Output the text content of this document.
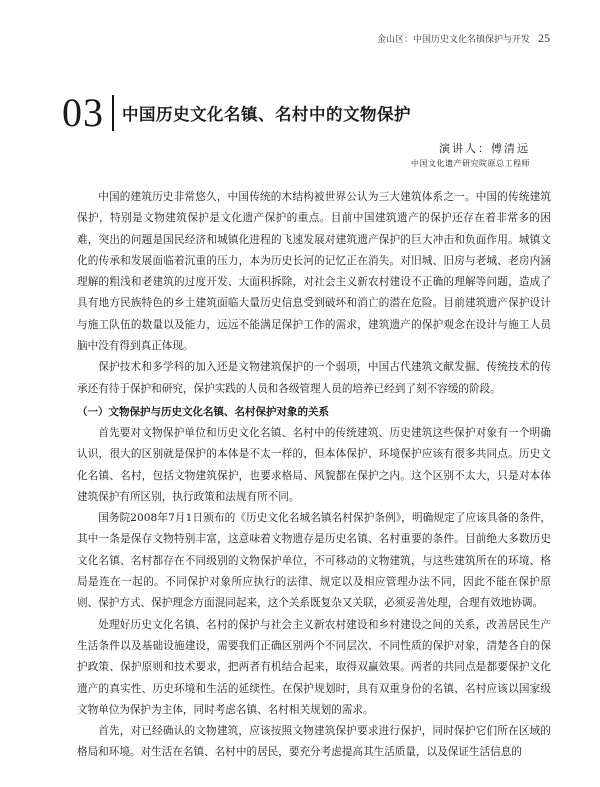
金山区：中国历史文化名镇保护与开发 25
03 中国历史文化名镇、名村中的文物保护
演讲人：傅清远
中国文化遗产研究院原总工程师

中国的建筑历史非常悠久，中国传统的木结构被世界公认为三大建筑体系之一。中国的传统建筑保护，特别是文物建筑保护是文化遗产保护的重点。目前中国建筑遗产的保护还存在着非常多的困难，突出的问题是国民经济和城镇化进程的飞速发展对建筑遗产保护的巨大冲击和负面作用。城镇文化的传承和发展面临着沉重的压力，本为历史长河的记忆正在消失。对旧城、旧房与老城、老房内涵理解的粗浅和老建筑的过度开发、大面积拆除，对社会主义新农村建设不正确的理解等问题，造成了具有地方民族特色的乡土建筑面临大量历史信息受到破坏和消亡的潜在危险。目前建筑遗产保护设计与施工队伍的数量以及能力，远远不能满足保护工作的需求，建筑遗产的保护观念在设计与施工人员脑中没有得到真正体现。

保护技术和多学科的加入还是文物建筑保护的一个弱项，中国古代建筑文献发掘、传统技术的传承还有待于保护和研究，保护实践的人员和各级管理人员的培养已经到了刻不容缓的阶段。

（一）文物保护与历史文化名镇、名村保护对象的关系

首先要对文物保护单位和历史文化名镇、名村中的传统建筑、历史建筑这些保护对象有一个明确认识，很大的区别就是保护的本体是不太一样的，但本体保护、环境保护应该有很多共同点。历史文化名镇、名村，包括文物建筑保护，也要求格局、风貌都在保护之内。这个区别不太大，只是对本体建筑保护有所区别，执行政策和法规有所不同。

国务院2008年7月1日颁布的《历史文化名城名镇名村保护条例》，明确规定了应该具备的条件，其中一条是保存文物特别丰富，这意味着文物遗存是历史名镇、名村重要的条件。目前绝大多数历史文化名镇、名村都存在不同级别的文物保护单位，不可移动的文物建筑，与这些建筑所在的环境、格局是连在一起的。不同保护对象所应执行的法律、规定以及相应管理办法不同，因此不能在保护原则、保护方式、保护理念方面混同起来，这个关系既复杂又关联，必须妥善处理，合理有效地协调。

处理好历史文化名镇、名村的保护与社会主义新农村建设和乡村建设之间的关系，改善居民生产生活条件以及基础设施建设，需要我们正确区别两个不同层次、不同性质的保护对象，清楚各自的保护政策、保护原则和技术要求，把两者有机结合起来，取得双赢效果。两者的共同点是都要保护文化遗产的真实性、历史环境和生活的延续性。在保护规划时，具有双重身份的名镇、名村应该以国家级文物单位为保护为主体，同时考虑名镇、名村相关规划的需求。

首先，对已经确认的文物建筑，应该按照文物建筑保护要求进行保护，同时保护它们所在区域的格局和环境。对生活在名镇、名村中的居民，要充分考虑提高其生活质量，以及保证生活信息的
